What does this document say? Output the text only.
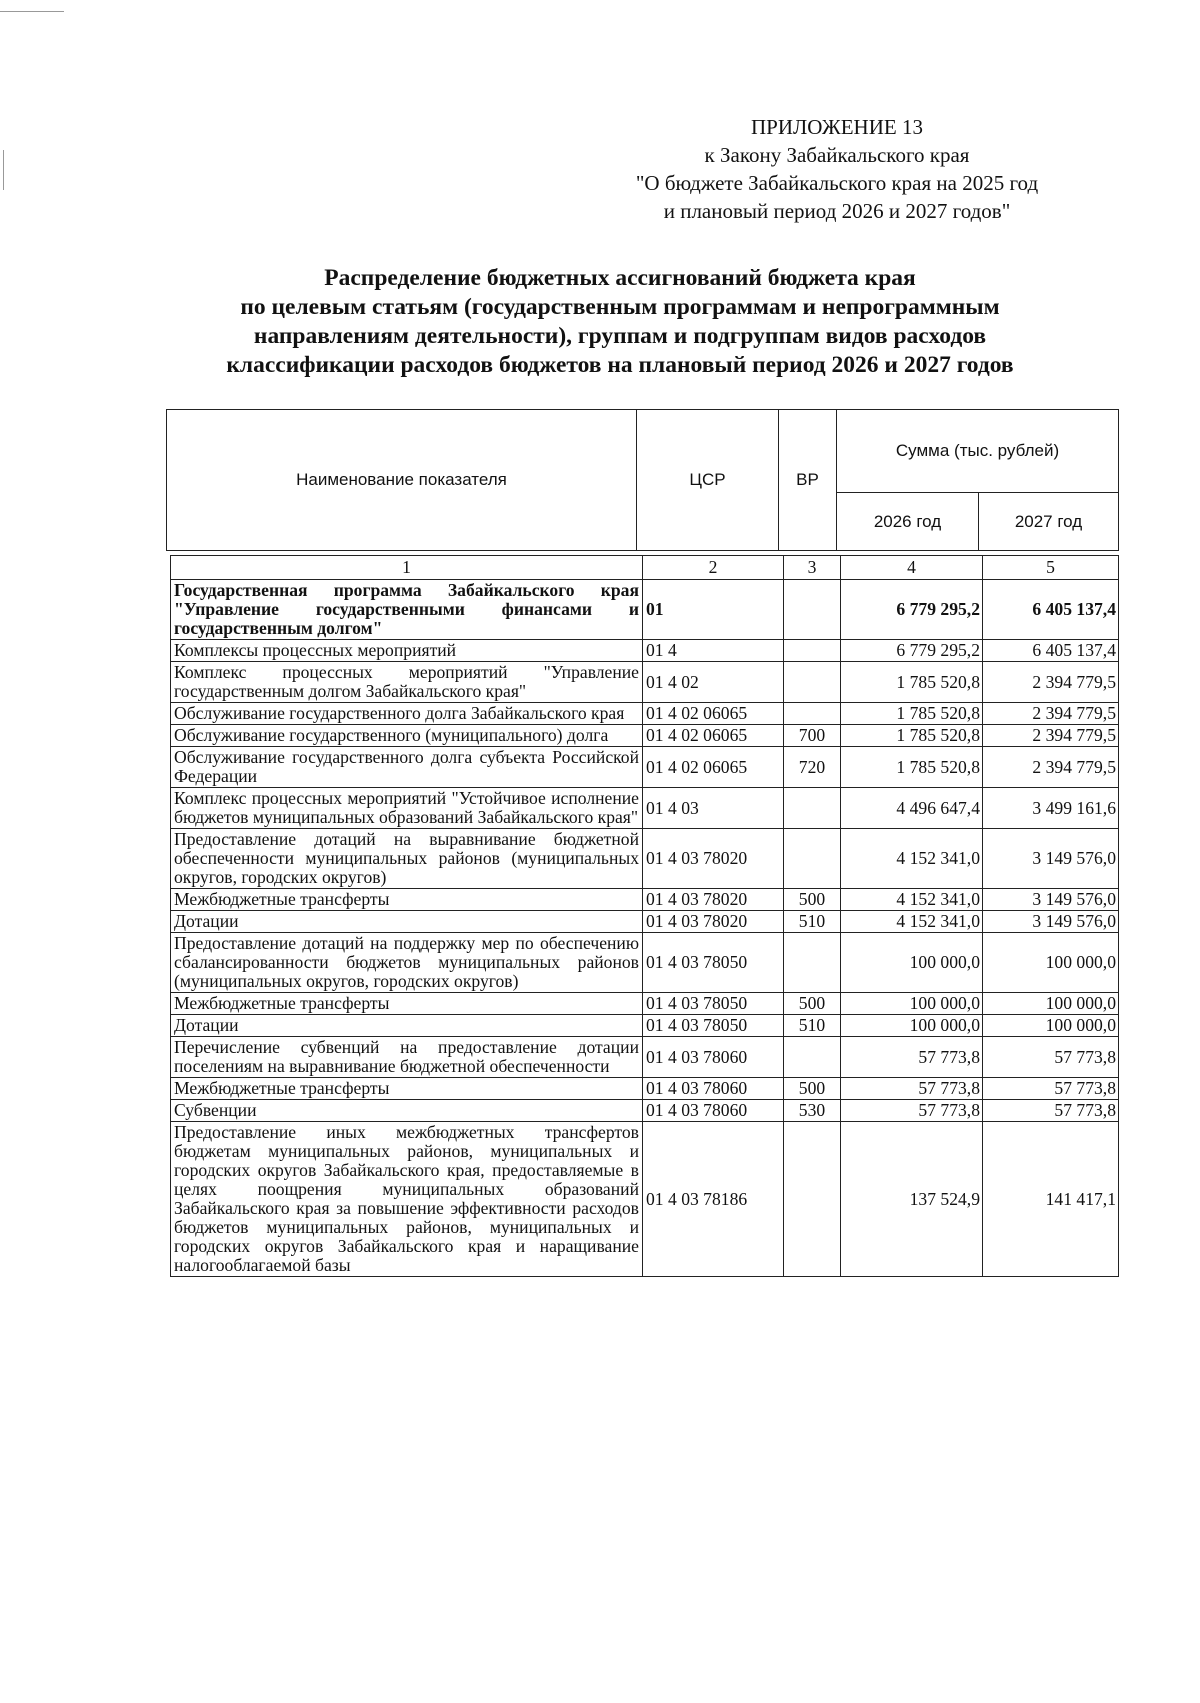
ПРИЛОЖЕНИЕ 13
к Закону Забайкальского края
"О бюджете Забайкальского края на 2025 год
и плановый период 2026 и 2027 годов"
Распределение бюджетных ассигнований бюджета края
по целевым статьям (государственным программам и непрограммным
направлениям деятельности), группам и подгруппам видов расходов
классификации расходов бюджетов на плановый период 2026 и 2027 годов
Наименование показателя	ЦСР	ВР	Сумма (тыс. рублей)	
			2026 год	2027 год
1	2	3	4	5
Государственная программа Забайкальского края "Управление государственными финансами и государственным долгом"	01		6 779 295,2	6 405 137,4
Комплексы процессных мероприятий	01 4		6 779 295,2	6 405 137,4
Комплекс процессных мероприятий "Управление государственным долгом Забайкальского края"	01 4 02		1 785 520,8	2 394 779,5
Обслуживание государственного долга Забайкальского края	01 4 02 06065		1 785 520,8	2 394 779,5
Обслуживание государственного (муниципального) долга	01 4 02 06065	700	1 785 520,8	2 394 779,5
Обслуживание государственного долга субъекта Российской Федерации	01 4 02 06065	720	1 785 520,8	2 394 779,5
Комплекс процессных мероприятий "Устойчивое исполнение бюджетов муниципальных образований Забайкальского края"	01 4 03		4 496 647,4	3 499 161,6
Предоставление дотаций на выравнивание бюджетной обеспеченности муниципальных районов (муниципальных округов, городских округов)	01 4 03 78020		4 152 341,0	3 149 576,0
Межбюджетные трансферты	01 4 03 78020	500	4 152 341,0	3 149 576,0
Дотации	01 4 03 78020	510	4 152 341,0	3 149 576,0
Предоставление дотаций на поддержку мер по обеспечению сбалансированности бюджетов муниципальных районов (муниципальных округов, городских округов)	01 4 03 78050		100 000,0	100 000,0
Межбюджетные трансферты	01 4 03 78050	500	100 000,0	100 000,0
Дотации	01 4 03 78050	510	100 000,0	100 000,0
Перечисление субвенций на предоставление дотации поселениям на выравнивание бюджетной обеспеченности	01 4 03 78060		57 773,8	57 773,8
Межбюджетные трансферты	01 4 03 78060	500	57 773,8	57 773,8
Субвенции	01 4 03 78060	530	57 773,8	57 773,8
Предоставление иных межбюджетных трансфертов бюджетам муниципальных районов, муниципальных и городских округов Забайкальского края, предоставляемые в целях поощрения муниципальных образований Забайкальского края за повышение эффективности расходов бюджетов муниципальных районов, муниципальных и городских округов Забайкальского края и наращивание налогооблагаемой базы	01 4 03 78186		137 524,9	141 417,1
